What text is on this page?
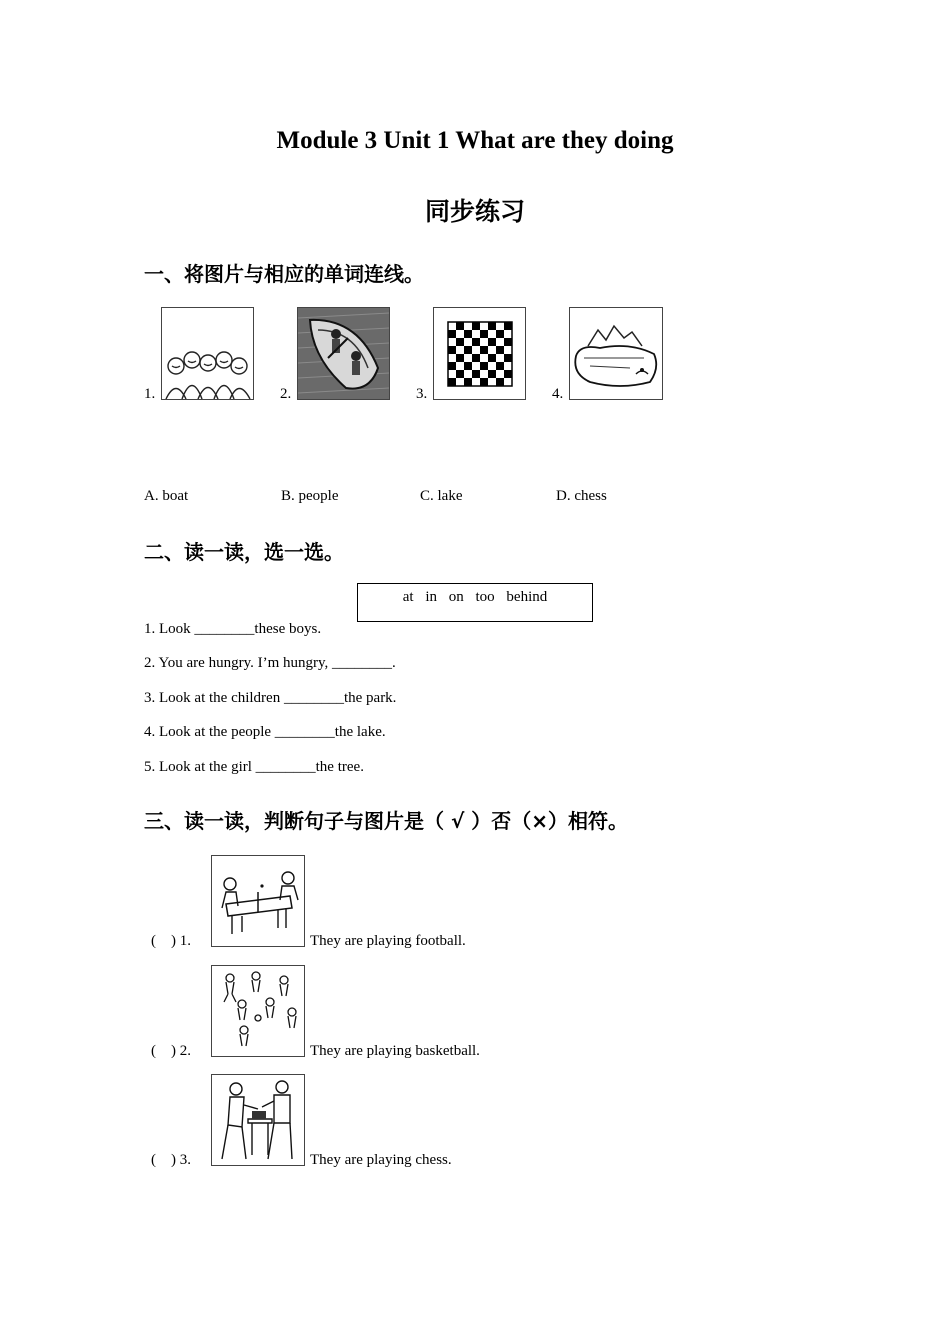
Module 3 Unit 1 What are they doing
同步练习
一、将图片与相应的单词连线。
1.	2.	3.	4.
A. boat	B. people	C. lake	D. chess
二、读一读，选一选。
at in on too behind
1. Look ________these boys.
2. You are hungry. I’m hungry, ________.
3. Look at the children ________the park.
4. Look at the people ________the lake.
5. Look at the girl ________the tree.
三、读一读，判断句子与图片是（ √ ）否（×）相符。
(    ) 1.	They are playing football.
(    ) 2.	They are playing basketball.
(    ) 3.	They are playing chess.
